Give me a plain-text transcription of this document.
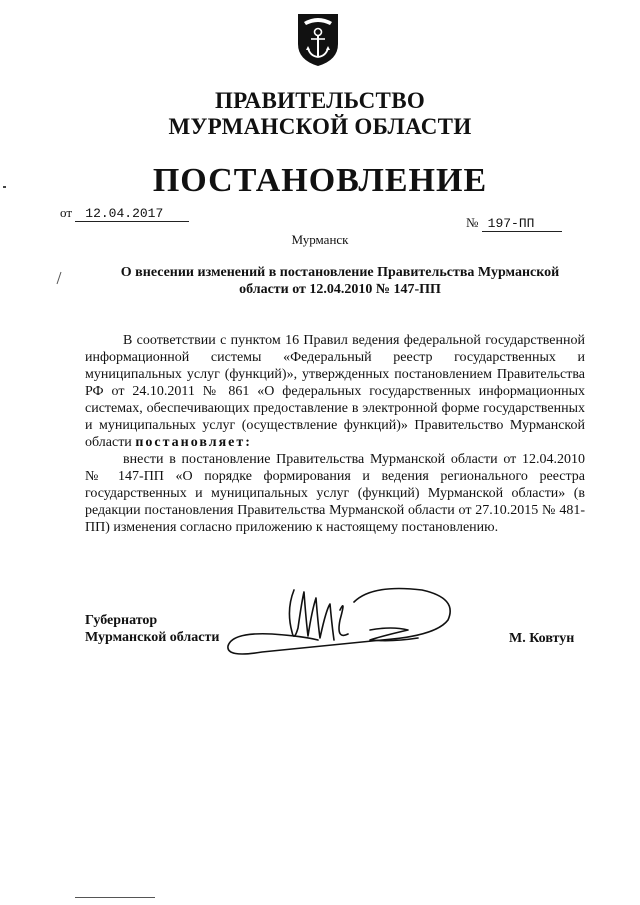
ПРАВИТЕЛЬСТВО
МУРМАНСКОЙ ОБЛАСТИ
ПОСТАНОВЛЕНИЕ
от 12.04.2017
№ 197-ПП
Мурманск
О внесении изменений в постановление Правительства Мурманской
области от 12.04.2010 № 147-ПП

В соответствии с пунктом 16 Правил ведения федеральной государственной информационной системы «Федеральный реестр государственных и муниципальных услуг (функций)», утвержденных постановлением Правительства РФ от 24.10.2011 № 861 «О федеральных государственных информационных системах, обеспечивающих предоставление в электронной форме государственных и муниципальных услуг (осуществление функций)» Правительство Мурманской области постановляет:

внести в постановление Правительства Мурманской области от 12.04.2010 № 147-ПП «О порядке формирования и ведения регионального реестра государственных и муниципальных услуг (функций) Мурманской области» (в редакции постановления Правительства Мурманской области от 27.10.2015 № 481-ПП) изменения согласно приложению к настоящему постановлению.

Губернатор
Мурманской области	М. Ковтун
